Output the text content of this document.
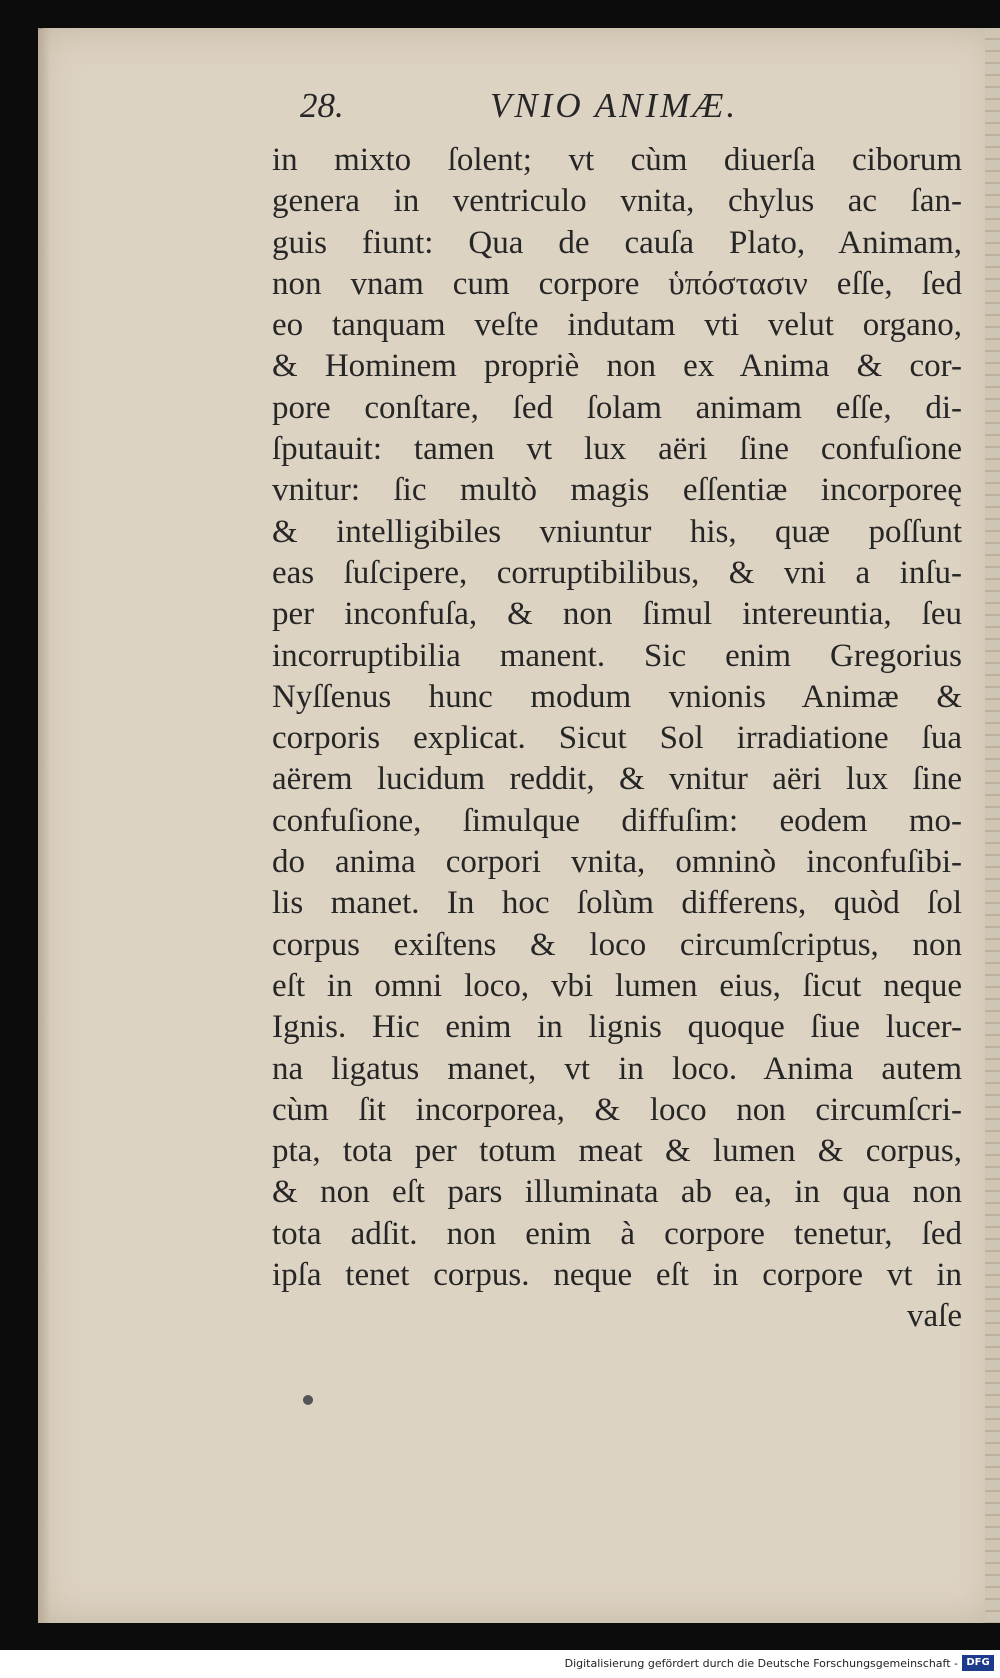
28.	VNIO ANIMÆ.
in mixto ſolent; vt cùm diuerſa ciborum
genera in ventriculo vnita, chylus ac ſan-
guis fiunt: Qua de cauſa Plato, Animam,
non vnam cum corpore ὑπόστασιν eſſe, ſed
eo tanquam veſte indutam vti velut organo,
& Hominem propriè non ex Anima & cor-
pore conſtare, ſed ſolam animam eſſe, di-
ſputauit: tamen vt lux aëri ſine confuſione
vnitur: ſic multò magis eſſentiæ incorporeę
& intelligibiles vniuntur his, quæ poſſunt
eas ſuſcipere, corruptibilibus, & vni a inſu-
per inconfuſa, & non ſimul intereuntia, ſeu
incorruptibilia manent. Sic enim Gregorius
Nyſſenus hunc modum vnionis Animæ &
corporis explicat. Sicut Sol irradiatione ſua
aërem lucidum reddit, & vnitur aëri lux ſine
confuſione, ſimulque diffuſim: eodem mo-
do anima corpori vnita, omninò inconfuſibi-
lis manet. In hoc ſolùm differens, quòd ſol
corpus exiſtens & loco circumſcriptus, non
eſt in omni loco, vbi lumen eius, ſicut neque
Ignis. Hic enim in lignis quoque ſiue lucer-
na ligatus manet, vt in loco. Anima autem
cùm ſit incorporea, & loco non circumſcri-
pta, tota per totum meat & lumen & corpus,
& non eſt pars illuminata ab ea, in qua non
tota adſit. non enim à corpore tenetur, ſed
ipſa tenet corpus. neque eſt in corpore vt in
vaſe
Digitalisierung gefördert durch die Deutsche Forschungsgemeinschaft - DFG
